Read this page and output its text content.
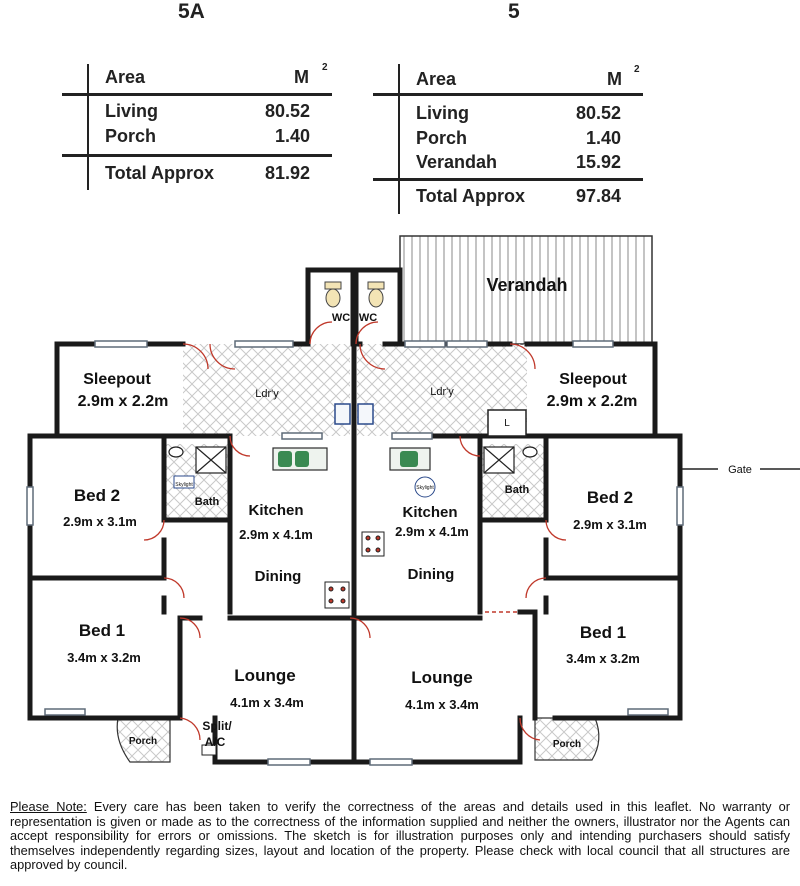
5A	5
Area	M 2
Living	80.52
Porch	1.40
Total Approx	81.92
Area	M 2
Living	80.52
Porch	1.40
Verandah	15.92
Total Approx	97.84
Verandah
WC WC
Ldr'y	Ldr'y
L
Gate
Skylight	Skylight
Sleepout
2.9m x 2.2m
Bed 2
2.9m x 3.1m
Bath Kitchen
2.9m x 4.1m
Dining
Bed 1
3.4m x 3.2m
Lounge
4.1m x 3.4m
Porch
Split/
A/C
Sleepout
2.9m x 2.2m
Bed 2
2.9m x 3.1m
Bath
Kitchen
2.9m x 4.1m
Dining
Bed 1
3.4m x 3.2m
Lounge
4.1m x 3.4m
Porch
Please Note: Every care has been taken to verify the correctness of the areas and details used in this leaflet. No warranty or representation is given or made as to the correctness of the information supplied and neither the owners, illustrator nor the Agents can accept responsibility for errors or omissions. The sketch is for illustration purposes only and intending purchasers should satisfy themselves independently regarding sizes, layout and location of the property. Please check with local council that all structures are approved by council.
